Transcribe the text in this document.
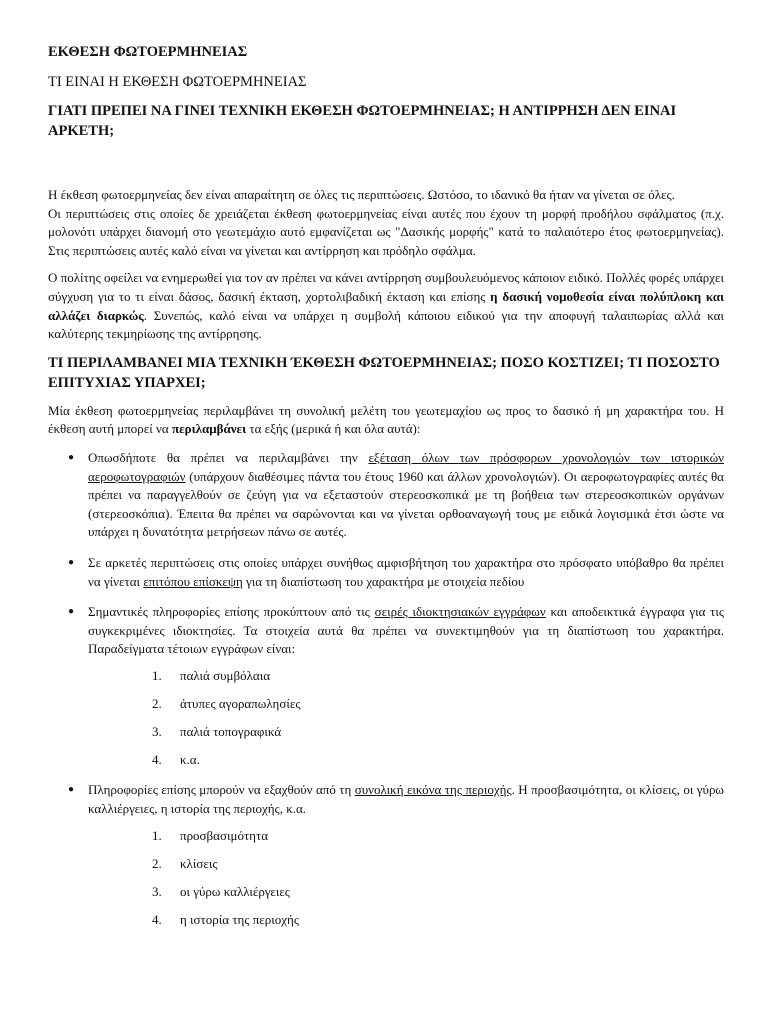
ΕΚΘΕΣΗ ΦΩΤΟΕΡΜΗΝΕΙΑΣ
ΤΙ ΕΙΝΑΙ Η ΕΚΘΕΣΗ ΦΩΤΟΕΡΜΗΝΕΙΑΣ
ΓΙΑΤΙ ΠΡΕΠΕΙ ΝΑ ΓΙΝΕΙ ΤΕΧΝΙΚΗ ΕΚΘΕΣΗ ΦΩΤΟΕΡΜΗΝΕΙΑΣ; Η ΑΝΤΙΡΡΗΣΗ ΔΕΝ ΕΙΝΑΙ ΑΡΚΕΤΗ;

Η έκθεση φωτοερμηνείας δεν είναι απαραίτητη σε όλες τις περιπτώσεις. Ωστόσο, το ιδανικό θα ήταν να γίνεται σε όλες.

Οι περιπτώσεις στις οποίες δε χρειάζεται έκθεση φωτοερμηνείας είναι αυτές που έχουν τη μορφή προδήλου σφάλματος (π.χ. μολονότι υπάρχει διανομή στο γεωτεμάχιο αυτό εμφανίζεται ως "Δασικής μορφής" κατά το παλαιότερο έτος φωτοερμηνείας). Στις περιπτώσεις αυτές καλό είναι να γίνεται και αντίρρηση και πρόδηλο σφάλμα.

Ο πολίτης οφείλει να ενημερωθεί για τον αν πρέπει να κάνει αντίρρηση συμβουλευόμενος κάποιον ειδικό. Πολλές φορές υπάρχει σύγχυση για το τι είναι δάσος, δασική έκταση, χορτολιβαδική έκταση και επίσης η δασική νομοθεσία είναι πολύπλοκη και αλλάζει διαρκώς. Συνεπώς, καλό είναι να υπάρχει η συμβολή κάποιου ειδικού για την αποφυγή ταλαιπωρίας αλλά και καλύτερης τεκμηρίωσης της αντίρρησης.

ΤΙ ΠΕΡΙΛΑΜΒΑΝΕΙ ΜΙΑ ΤΕΧΝΙΚΗ ΈΚΘΕΣΗ ΦΩΤΟΕΡΜΗΝΕΙΑΣ; ΠΟΣΟ ΚΟΣΤΙΖΕΙ; ΤΙ ΠΟΣΟΣΤΟ ΕΠΙΤΥΧΙΑΣ ΥΠΑΡΧΕΙ;

Μία έκθεση φωτοερμηνείας περιλαμβάνει τη συνολική μελέτη του γεωτεμαχίου ως προς το δασικό ή μη χαρακτήρα του. Η έκθεση αυτή μπορεί να περιλαμβάνει τα εξής (μερικά ή και όλα αυτά):

● Οπωσδήποτε θα πρέπει να περιλαμβάνει την εξέταση όλων των πρόσφορων χρονολογιών των ιστορικών αεροφωτογραφιών (υπάρχουν διαθέσιμες πάντα του έτους 1960 και άλλων χρονολογιών). Οι αεροφωτογραφίες αυτές θα πρέπει να παραγγελθούν σε ζεύγη για να εξεταστούν στερεοσκοπικά με τη βοήθεια των στερεοσκοπικών οργάνων (στερεοσκόπια). Έπειτα θα πρέπει να σαρώνονται και να γίνεται ορθοαναγωγή τους με ειδικά λογισμικά έτσι ώστε να υπάρχει η δυνατότητα μετρήσεων πάνω σε αυτές.
● Σε αρκετές περιπτώσεις στις οποίες υπάρχει συνήθως αμφισβήτηση του χαρακτήρα στο πρόσφατο υπόβαθρο θα πρέπει να γίνεται επιτόπου επίσκεψη για τη διαπίστωση του χαρακτήρα με στοιχεία πεδίου
● Σημαντικές πληροφορίες επίσης προκύπτουν από τις σειρές ιδιοκτησιακών εγγράφων και αποδεικτικά έγγραφα για τις συγκεκριμένες ιδιοκτησίες. Τα στοιχεία αυτά θα πρέπει να συνεκτιμηθούν για τη διαπίστωση του χαρακτήρα. Παραδείγματα τέτοιων εγγράφων είναι:
1. παλιά συμβόλαια
2. άτυπες αγοραπωλησίες
3. παλιά τοπογραφικά
4. κ.α.
● Πληροφορίες επίσης μπορούν να εξαχθούν από τη συνολική εικόνα της περιοχής. Η προσβασιμότητα, οι κλίσεις, οι γύρω καλλιέργειες, η ιστορία της περιοχής, κ.α.
1. προσβασιμότητα
2. κλίσεις
3. οι γύρω καλλιέργειες
4. η ιστορία της περιοχής
